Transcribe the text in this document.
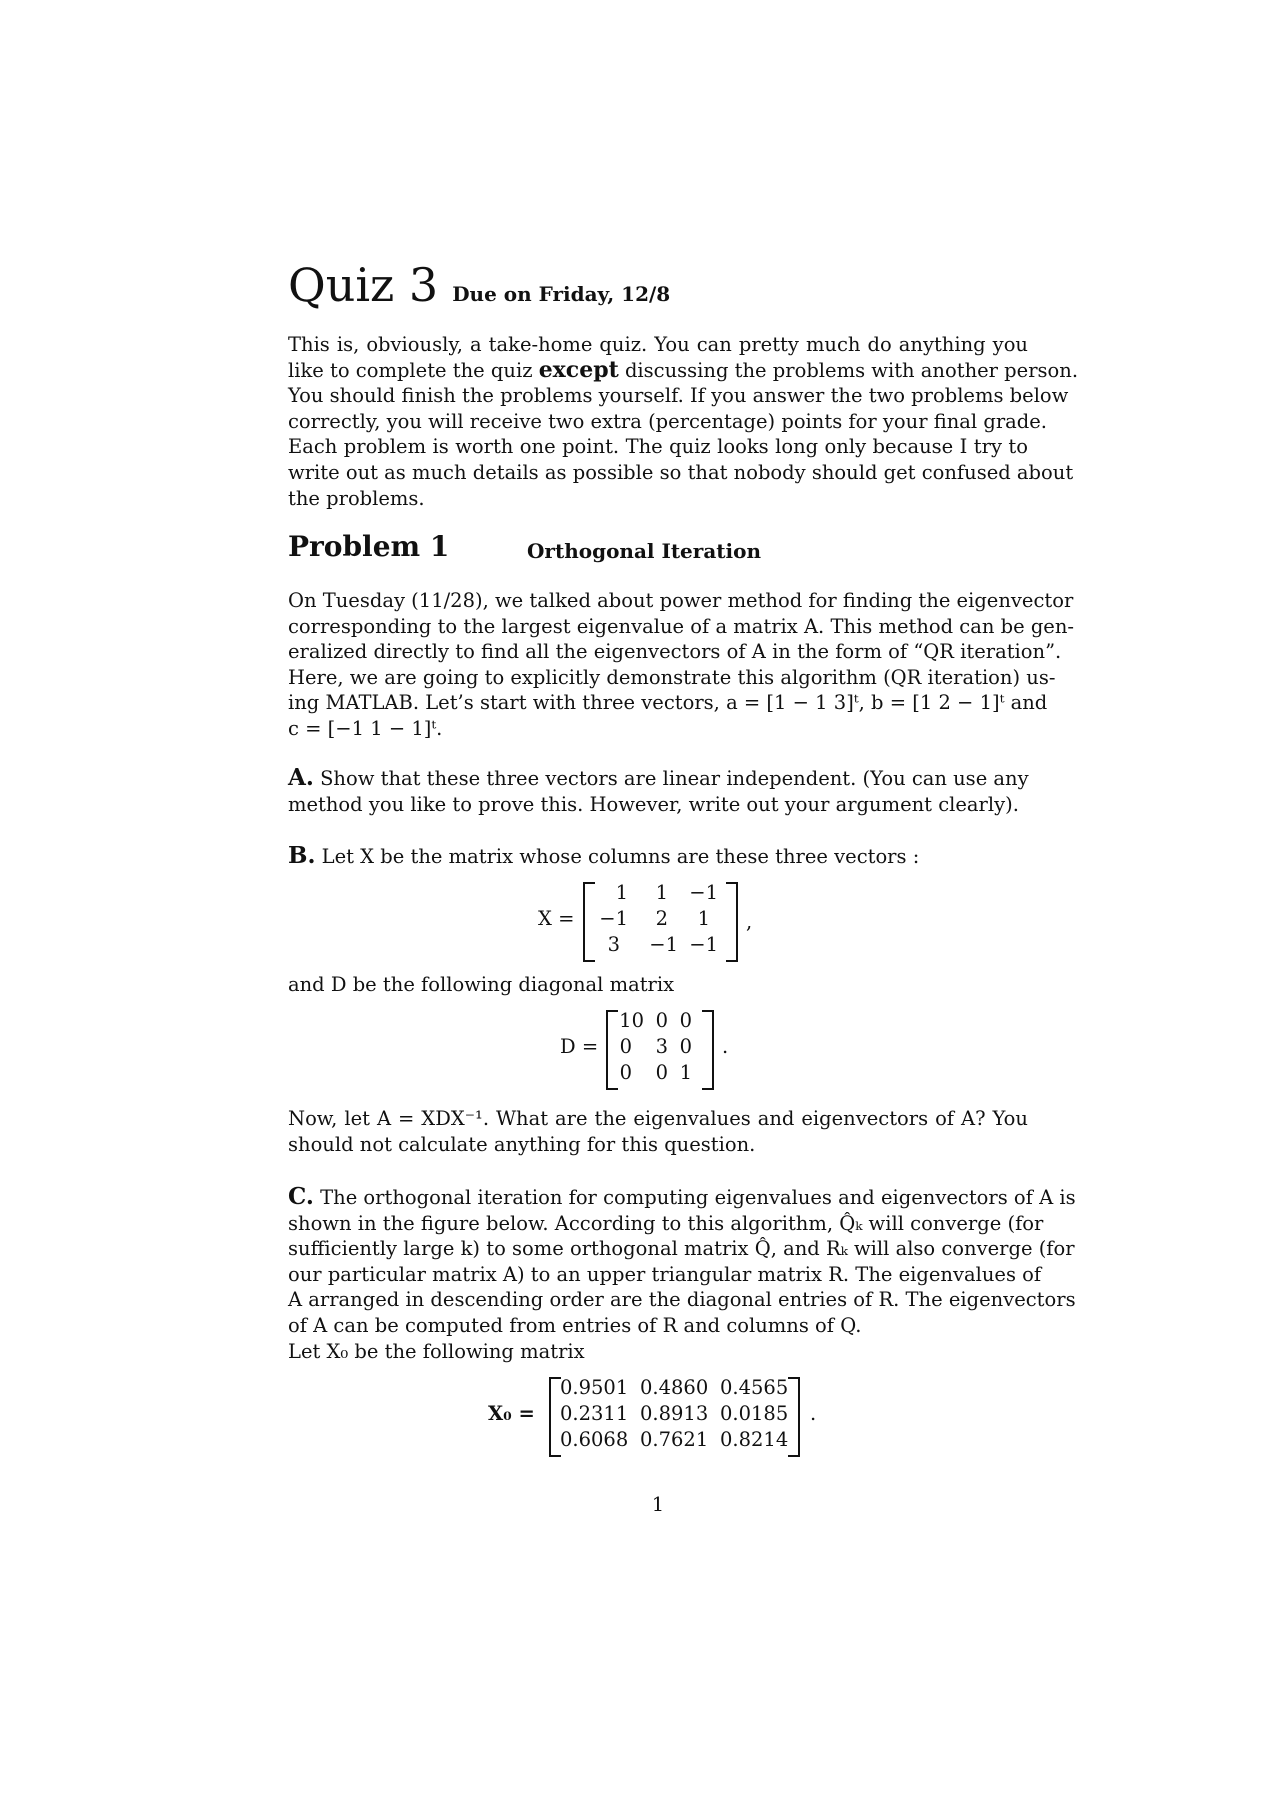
Quiz 3 Due on Friday, 12/8
This is, obviously, a take-home quiz. You can pretty much do anything you
like to complete the quiz except discussing the problems with another person.
You should finish the problems yourself. If you answer the two problems below
correctly, you will receive two extra (percentage) points for your final grade.
Each problem is worth one point. The quiz looks long only because I try to
write out as much details as possible so that nobody should get confused about
the problems.
Problem 1	Orthogonal Iteration
On Tuesday (11/28), we talked about power method for finding the eigenvector
corresponding to the largest eigenvalue of a matrix A. This method can be gen-
eralized directly to find all the eigenvectors of A in the form of “QR iteration”.
Here, we are going to explicitly demonstrate this algorithm (QR iteration) us-
ing MATLAB. Let’s start with three vectors, a = [1 − 1 3]ᵗ, b = [1 2 − 1]ᵗ and
c = [−1 1 − 1]ᵗ.
A. Show that these three vectors are linear independent. (You can use any
method you like to prove this. However, write out your argument clearly).
B. Let X be the matrix whose columns are these three vectors :
X =
1	1	−1
−1	2	1
3	−1 −1
,
and D be the following diagonal matrix
D =
10 0 0
0	3 0
0	0 1
.
Now, let A = XDX⁻¹. What are the eigenvalues and eigenvectors of A? You
should not calculate anything for this question.
C. The orthogonal iteration for computing eigenvalues and eigenvectors of A is
shown in the figure below. According to this algorithm, Q̂ₖ will converge (for
sufficiently large k) to some orthogonal matrix Q̂, and Rₖ will also converge (for
our particular matrix A) to an upper triangular matrix R. The eigenvalues of
A arranged in descending order are the diagonal entries of R. The eigenvectors
of A can be computed from entries of R and columns of Q.
Let X₀ be the following matrix
X₀ =
0.9501 0.4860 0.4565
0.2311 0.8913 0.0185
0.6068 0.7621 0.8214
.
1
